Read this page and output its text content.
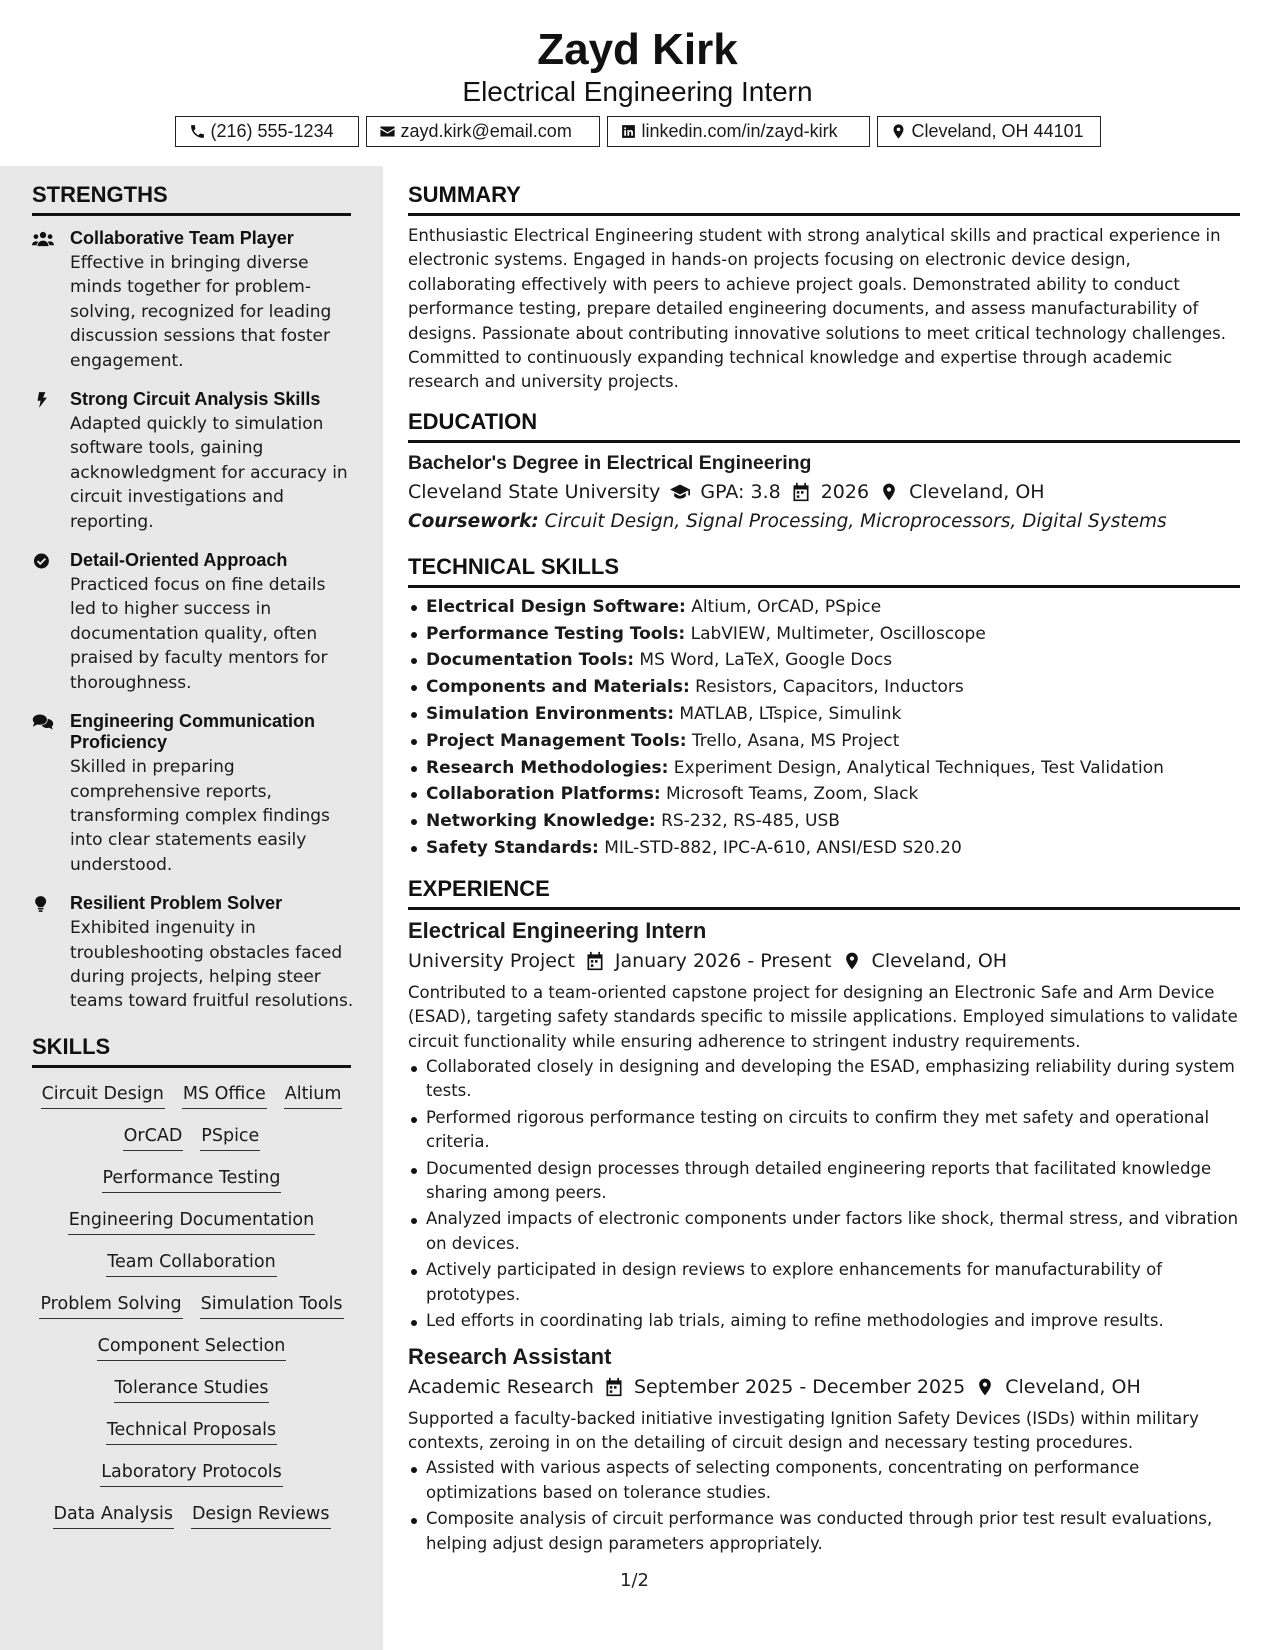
Zayd Kirk
Electrical Engineering Intern
(216) 555-1234	zayd.kirk@email.com	linkedin.com/in/zayd-kirk	Cleveland, OH 44101
STRENGTHS
Collaborative Team Player
Effective in bringing diverse minds together for problem-solving, recognized for leading discussion sessions that foster engagement.
Strong Circuit Analysis Skills
Adapted quickly to simulation software tools, gaining acknowledgment for accuracy in circuit investigations and reporting.
Detail-Oriented Approach
Practiced focus on fine details led to higher success in documentation quality, often praised by faculty mentors for thoroughness.
Engineering Communication Proficiency
Skilled in preparing comprehensive reports, transforming complex findings into clear statements easily understood.
Resilient Problem Solver
Exhibited ingenuity in troubleshooting obstacles faced during projects, helping steer teams toward fruitful resolutions.
SKILLS
Circuit Design MS Office Altium
OrCAD PSpice
Performance Testing
Engineering Documentation
Team Collaboration
Problem Solving Simulation Tools
Component Selection
Tolerance Studies
Technical Proposals
Laboratory Protocols
Data Analysis Design Reviews
SUMMARY
Enthusiastic Electrical Engineering student with strong analytical skills and practical experience in electronic systems. Engaged in hands-on projects focusing on electronic device design, collaborating effectively with peers to achieve project goals. Demonstrated ability to conduct performance testing, prepare detailed engineering documents, and assess manufacturability of designs. Passionate about contributing innovative solutions to meet critical technology challenges. Committed to continuously expanding technical knowledge and expertise through academic research and university projects.
EDUCATION
Bachelor's Degree in Electrical Engineering
Cleveland State University GPA: 3.8 2026 Cleveland, OH
Coursework: Circuit Design, Signal Processing, Microprocessors, Digital Systems
TECHNICAL SKILLS
Electrical Design Software: Altium, OrCAD, PSpice
Performance Testing Tools: LabVIEW, Multimeter, Oscilloscope
Documentation Tools: MS Word, LaTeX, Google Docs
Components and Materials: Resistors, Capacitors, Inductors
Simulation Environments: MATLAB, LTspice, Simulink
Project Management Tools: Trello, Asana, MS Project
Research Methodologies: Experiment Design, Analytical Techniques, Test Validation
Collaboration Platforms: Microsoft Teams, Zoom, Slack
Networking Knowledge: RS-232, RS-485, USB
Safety Standards: MIL-STD-882, IPC-A-610, ANSI/ESD S20.20
EXPERIENCE
Electrical Engineering Intern
University Project January 2026 - Present Cleveland, OH
Contributed to a team-oriented capstone project for designing an Electronic Safe and Arm Device (ESAD), targeting safety standards specific to missile applications. Employed simulations to validate circuit functionality while ensuring adherence to stringent industry requirements.
Collaborated closely in designing and developing the ESAD, emphasizing reliability during system tests.
Performed rigorous performance testing on circuits to confirm they met safety and operational criteria.
Documented design processes through detailed engineering reports that facilitated knowledge sharing among peers.
Analyzed impacts of electronic components under factors like shock, thermal stress, and vibration on devices.
Actively participated in design reviews to explore enhancements for manufacturability of prototypes.
Led efforts in coordinating lab trials, aiming to refine methodologies and improve results.
Research Assistant
Academic Research September 2025 - December 2025 Cleveland, OH
Supported a faculty-backed initiative investigating Ignition Safety Devices (ISDs) within military contexts, zeroing in on the detailing of circuit design and necessary testing procedures.
Assisted with various aspects of selecting components, concentrating on performance optimizations based on tolerance studies.
Composite analysis of circuit performance was conducted through prior test result evaluations, helping adjust design parameters appropriately.
1/2
